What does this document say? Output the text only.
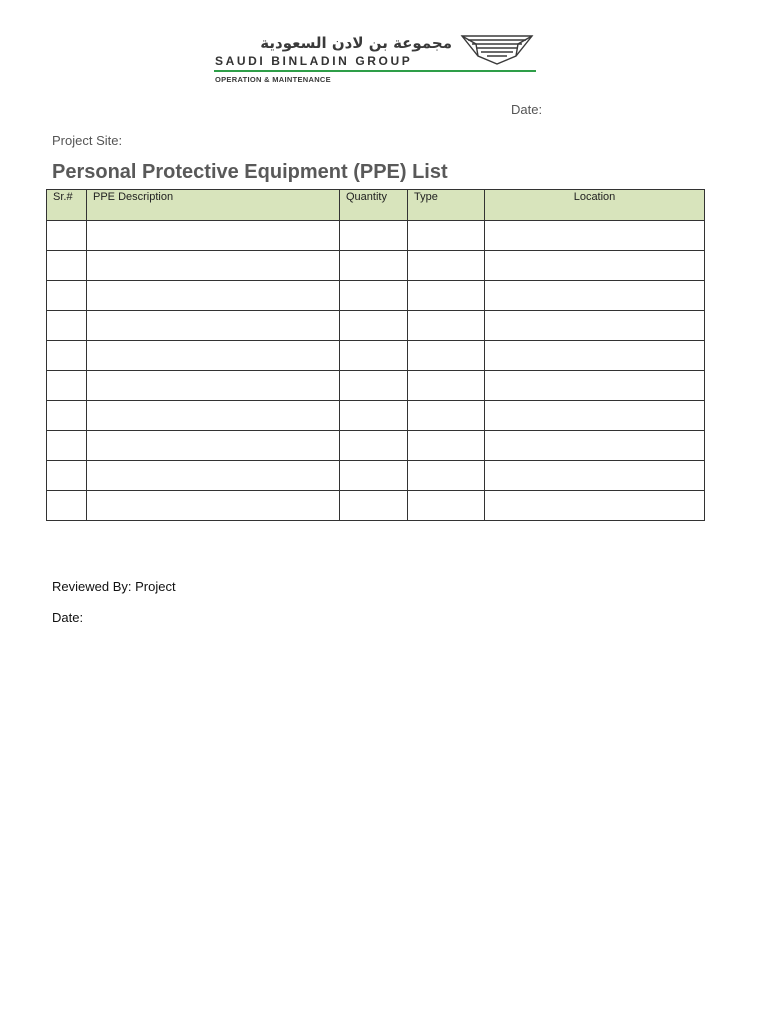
مجموعة بن لادن السعودية
SAUDI BINLADIN GROUP
OPERATION & MAINTENANCE
Date:
Project Site:
Personal Protective Equipment (PPE) List
Sr.#	PPE Description	Quantity	Type	Location

Reviewed By: Project
Date:
